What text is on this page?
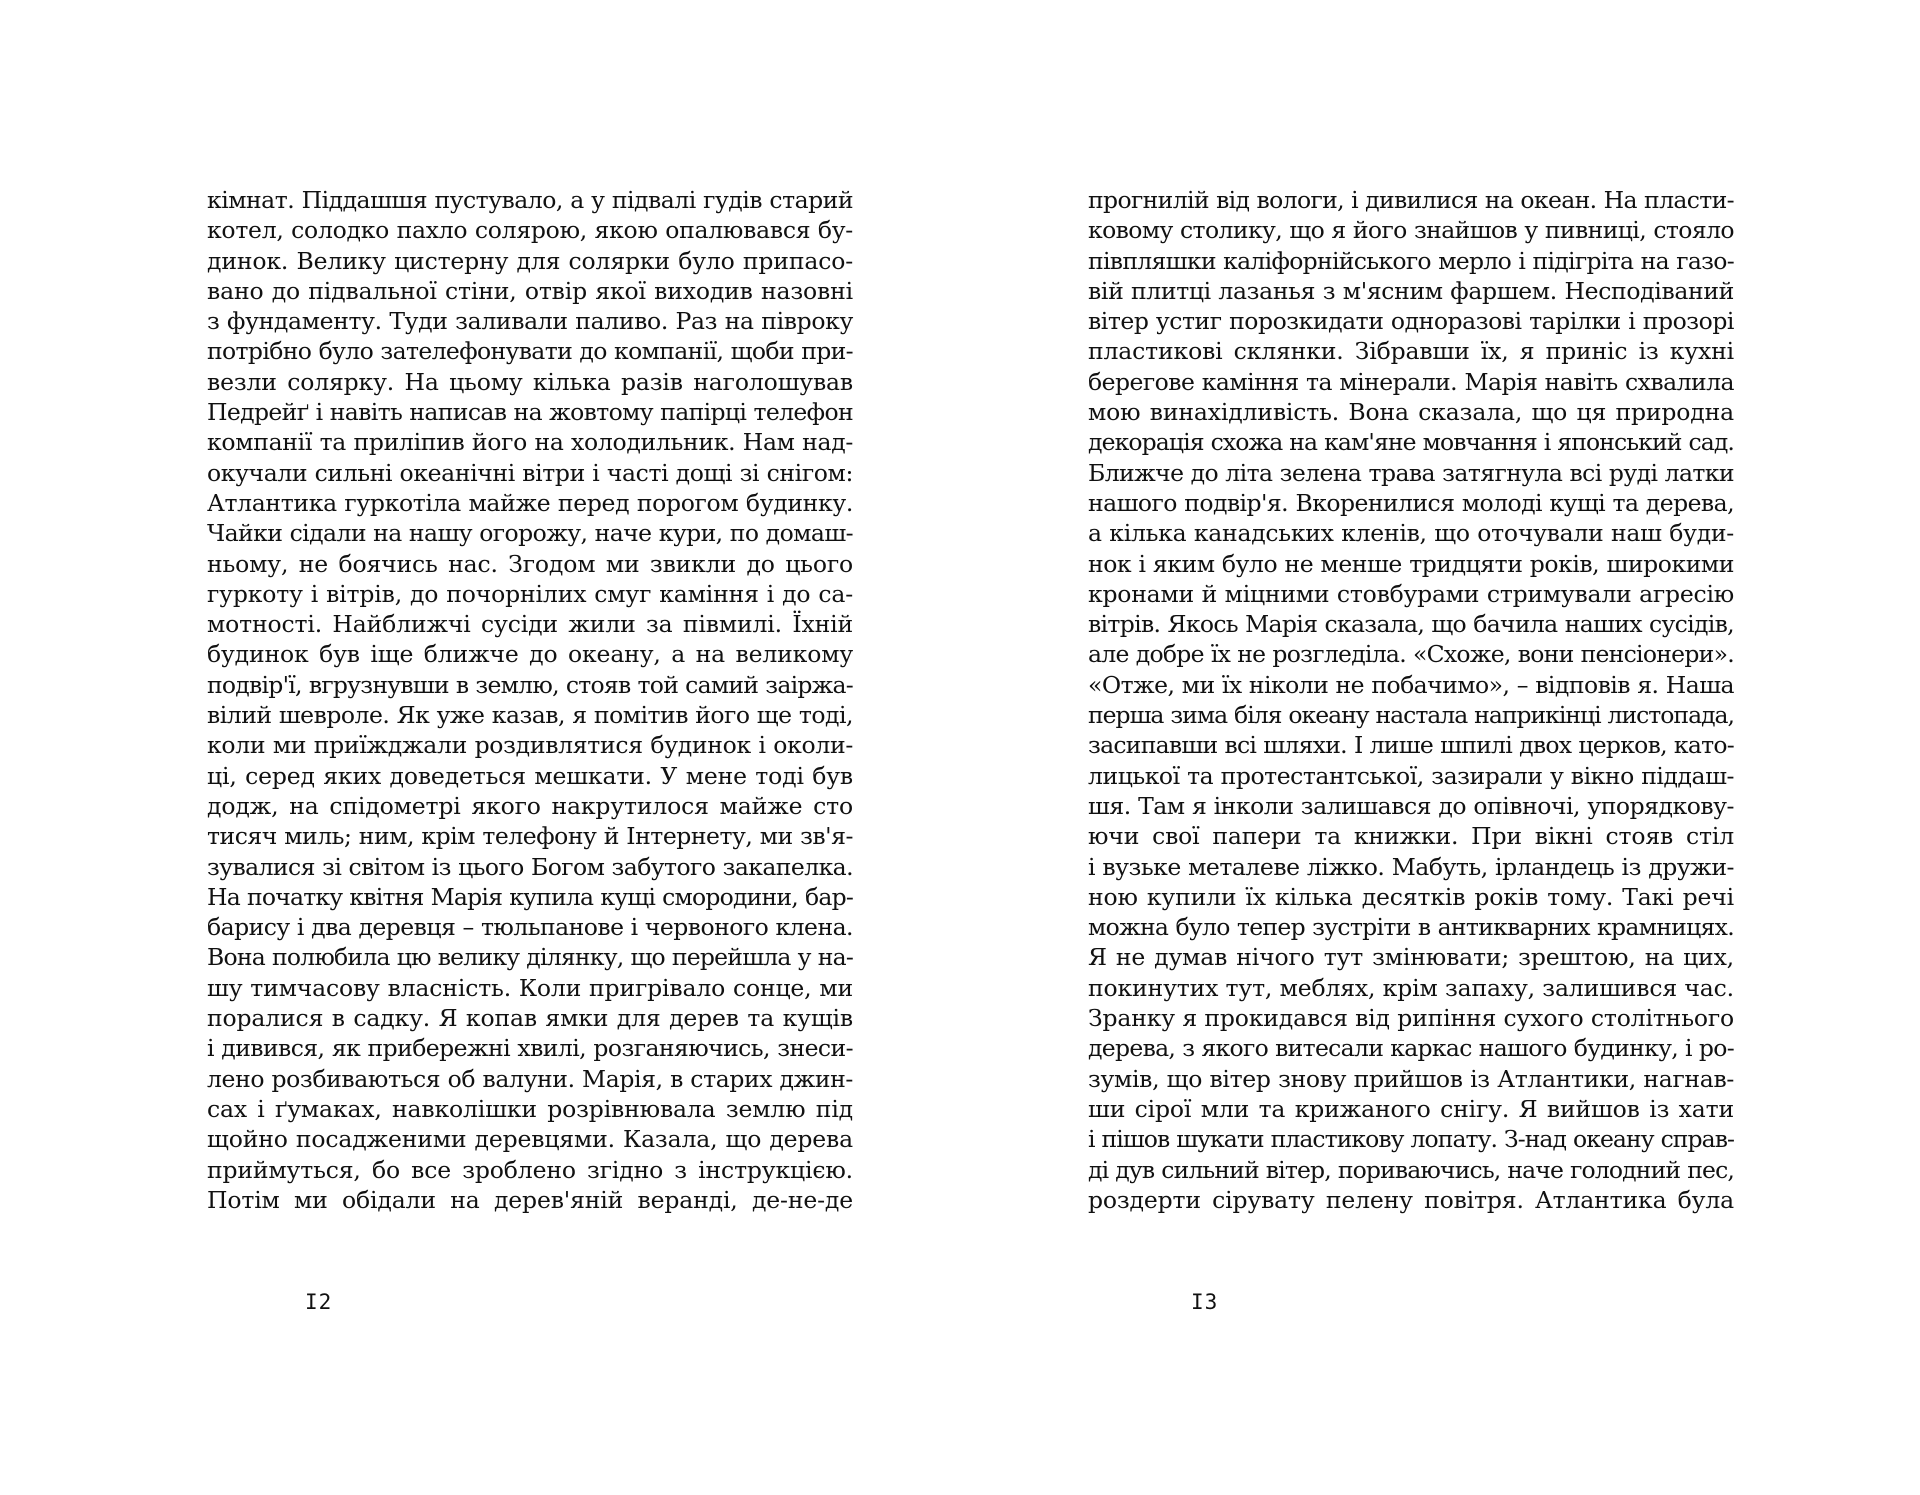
кімнат. Піддашшя пустувало, а у підвалі гудів старий
котел, солодко пахло солярою, якою опалювався бу-
динок. Велику цистерну для солярки було припасо-
вано до підвальної стіни, отвір якої виходив назовні
з фундаменту. Туди заливали паливо. Раз на півроку
потрібно було зателефонувати до компанії, щоби при-
везли солярку. На цьому кілька разів наголошував
Педрейґ і навіть написав на жовтому папірці телефон
компанії та приліпив його на холодильник. Нам над-
окучали сильні океанічні вітри і часті дощі зі снігом:
Атлантика гуркотіла майже перед порогом будинку.
Чайки сідали на нашу огорожу, наче кури, по домаш-
ньому, не боячись нас. Згодом ми звикли до цього
гуркоту і вітрів, до почорнілих смуг каміння і до са-
мотності. Найближчі сусіди жили за півмилі. Їхній
будинок був іще ближче до океану, а на великому
подвір'ї, вгрузнувши в землю, стояв той самий заіржа-
вілий шевроле. Як уже казав, я помітив його ще тоді,
коли ми приїжджали роздивлятися будинок і околи-
ці, серед яких доведеться мешкати. У мене тоді був
додж, на спідометрі якого накрутилося майже сто
тисяч миль; ним, крім телефону й Інтернету, ми зв'я-
зувалися зі світом із цього Богом забутого закапелка.
На початку квітня Марія купила кущі смородини, бар-
барису і два деревця – тюльпанове і червоного клена.
Вона полюбила цю велику ділянку, що перейшла у на-
шу тимчасову власність. Коли пригрівало сонце, ми
поралися в садку. Я копав ямки для дерев та кущів
і дивився, як прибережні хвилі, розганяючись, знеси-
лено розбиваються об валуни. Марія, в старих джин-
сах і ґумаках, навколішки розрівнювала землю під
щойно посадженими деревцями. Казала, що дерева
приймуться, бо все зроблено згідно з інструкцією.
Потім ми обідали на дерев'яній веранді, де-не-де
I2
прогнилій від вологи, і дивилися на океан. На пласти-
ковому столику, що я його знайшов у пивниці, стояло
півпляшки каліфорнійського мерло і підігріта на газо-
вій плитці лазанья з м'ясним фаршем. Несподіваний
вітер устиг порозкидати одноразові тарілки і прозорі
пластикові склянки. Зібравши їх, я приніс із кухні
берегове каміння та мінерали. Марія навіть схвалила
мою винахідливість. Вона сказала, що ця природна
декорація схожа на кам'яне мовчання і японський сад.
Ближче до літа зелена трава затягнула всі руді латки
нашого подвір'я. Вкоренилися молоді кущі та дерева,
а кілька канадських кленів, що оточували наш буди-
нок і яким було не менше тридцяти років, широкими
кронами й міцними стовбурами стримували агресію
вітрів. Якось Марія сказала, що бачила наших сусідів,
але добре їх не розгледіла. «Схоже, вони пенсіонери».
«Отже, ми їх ніколи не побачимо», – відповів я. Наша
перша зима біля океану настала наприкінці листопада,
засипавши всі шляхи. І лише шпилі двох церков, като-
лицької та протестантської, зазирали у вікно піддаш-
шя. Там я інколи залишався до опівночі, упорядкову-
ючи свої папери та книжки. При вікні стояв стіл
і вузьке металеве ліжко. Мабуть, ірландець із дружи-
ною купили їх кілька десятків років тому. Такі речі
можна було тепер зустріти в антикварних крамницях.
Я не думав нічого тут змінювати; зрештою, на цих,
покинутих тут, меблях, крім запаху, залишився час.
Зранку я прокидався від рипіння сухого столітнього
дерева, з якого витесали каркас нашого будинку, і ро-
зумів, що вітер знову прийшов із Атлантики, нагнав-
ши сірої мли та крижаного снігу. Я вийшов із хати
і пішов шукати пластикову лопату. З-над океану справ-
ді дув сильний вітер, пориваючись, наче голодний пес,
роздерти сірувату пелену повітря. Атлантика була
I3
